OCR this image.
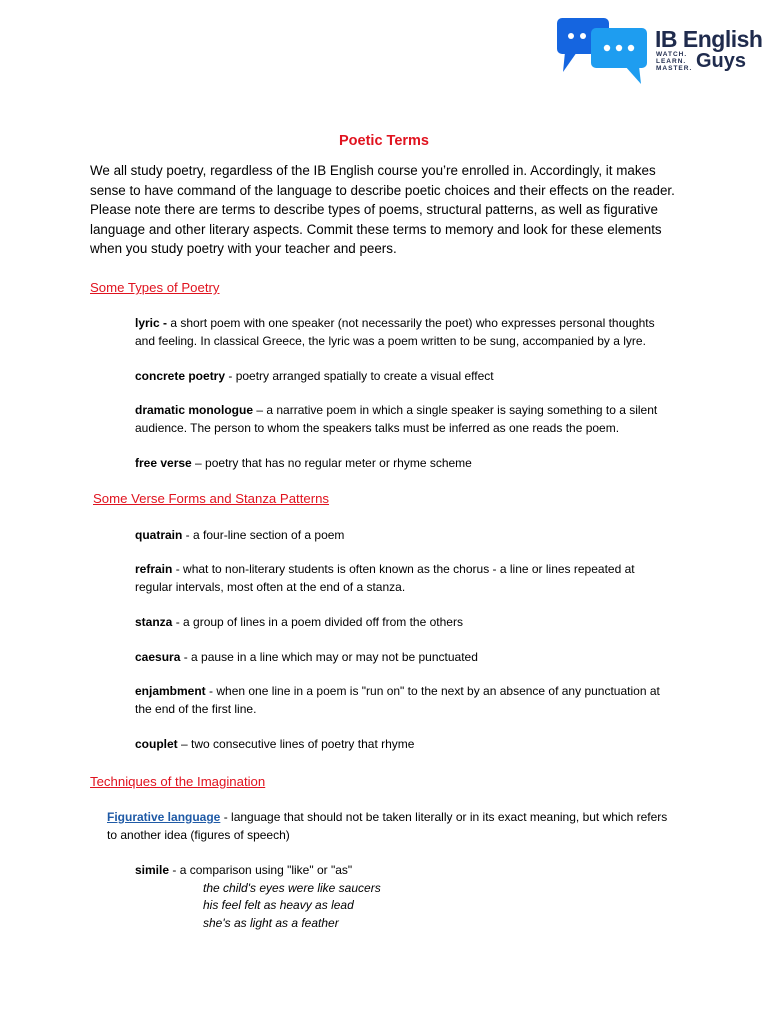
IB English
WATCH.
LEARN.
MASTER. Guys
Poetic Terms
We all study poetry, regardless of the IB English course you’re enrolled in. Accordingly, it makes sense to have command of the language to describe poetic choices and their effects on the reader. Please note there are terms to describe types of poems, structural patterns, as well as figurative language and other literary aspects. Commit these terms to memory and look for these elements when you study poetry with your teacher and peers.
Some Types of Poetry
lyric - a short poem with one speaker (not necessarily the poet) who expresses personal thoughts and feeling. In classical Greece, the lyric was a poem written to be sung, accompanied by a lyre.
concrete poetry - poetry arranged spatially to create a visual effect
dramatic monologue – a narrative poem in which a single speaker is saying something to a silent audience. The person to whom the speakers talks must be inferred as one reads the poem.
free verse – poetry that has no regular meter or rhyme scheme
Some Verse Forms and Stanza Patterns
quatrain - a four-line section of a poem
refrain - what to non-literary students is often known as the chorus - a line or lines repeated at regular intervals, most often at the end of a stanza.
stanza - a group of lines in a poem divided off from the others
caesura - a pause in a line which may or may not be punctuated
enjambment - when one line in a poem is "run on" to the next by an absence of any punctuation at the end of the first line.
couplet – two consecutive lines of poetry that rhyme
Techniques of the Imagination
Figurative language - language that should not be taken literally or in its exact meaning, but which refers to another idea (figures of speech)
simile - a comparison using "like" or "as"
the child's eyes were like saucers
his feel felt as heavy as lead
she's as light as a feather
